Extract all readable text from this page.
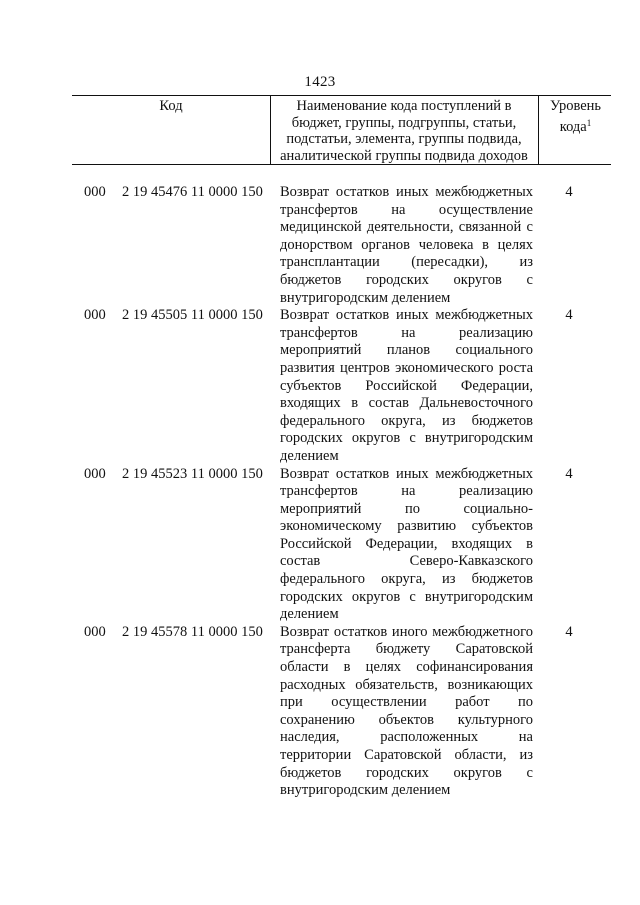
1423
Код	Наименование кода поступлений в
бюджет, группы, подгруппы, статьи,
подстатьи, элемента, группы подвида,
аналитической группы подвида доходов
Уровень
кода$^1$
000 2 19 45476 11 0000 150 Возврат остатков иных межбюджетных трансфертов на осуществление медицинской деятельности, связанной с донорством органов человека в целях трансплантации (пересадки), из бюджетов городских округов с внутригородским делением
4
000 2 19 45505 11 0000 150 Возврат остатков иных межбюджетных трансфертов на реализацию мероприятий планов социального развития центров экономического роста субъектов Российской Федерации, входящих в состав Дальневосточного федерального округа, из бюджетов городских округов с внутригородским делением
4
000 2 19 45523 11 0000 150 Возврат остатков иных межбюджетных трансфертов на реализацию мероприятий по социально-экономическому развитию субъектов Российской Федерации, входящих в состав Северо-Кавказского федерального округа, из бюджетов городских округов с внутригородским делением
4
000 2 19 45578 11 0000 150 Возврат остатков иного межбюджетного трансферта бюджету Саратовской области в целях софинансирования расходных обязательств, возникающих при осуществлении работ по сохранению объектов культурного наследия, расположенных на территории Саратовской области, из бюджетов городских округов с внутригородским делением
4
